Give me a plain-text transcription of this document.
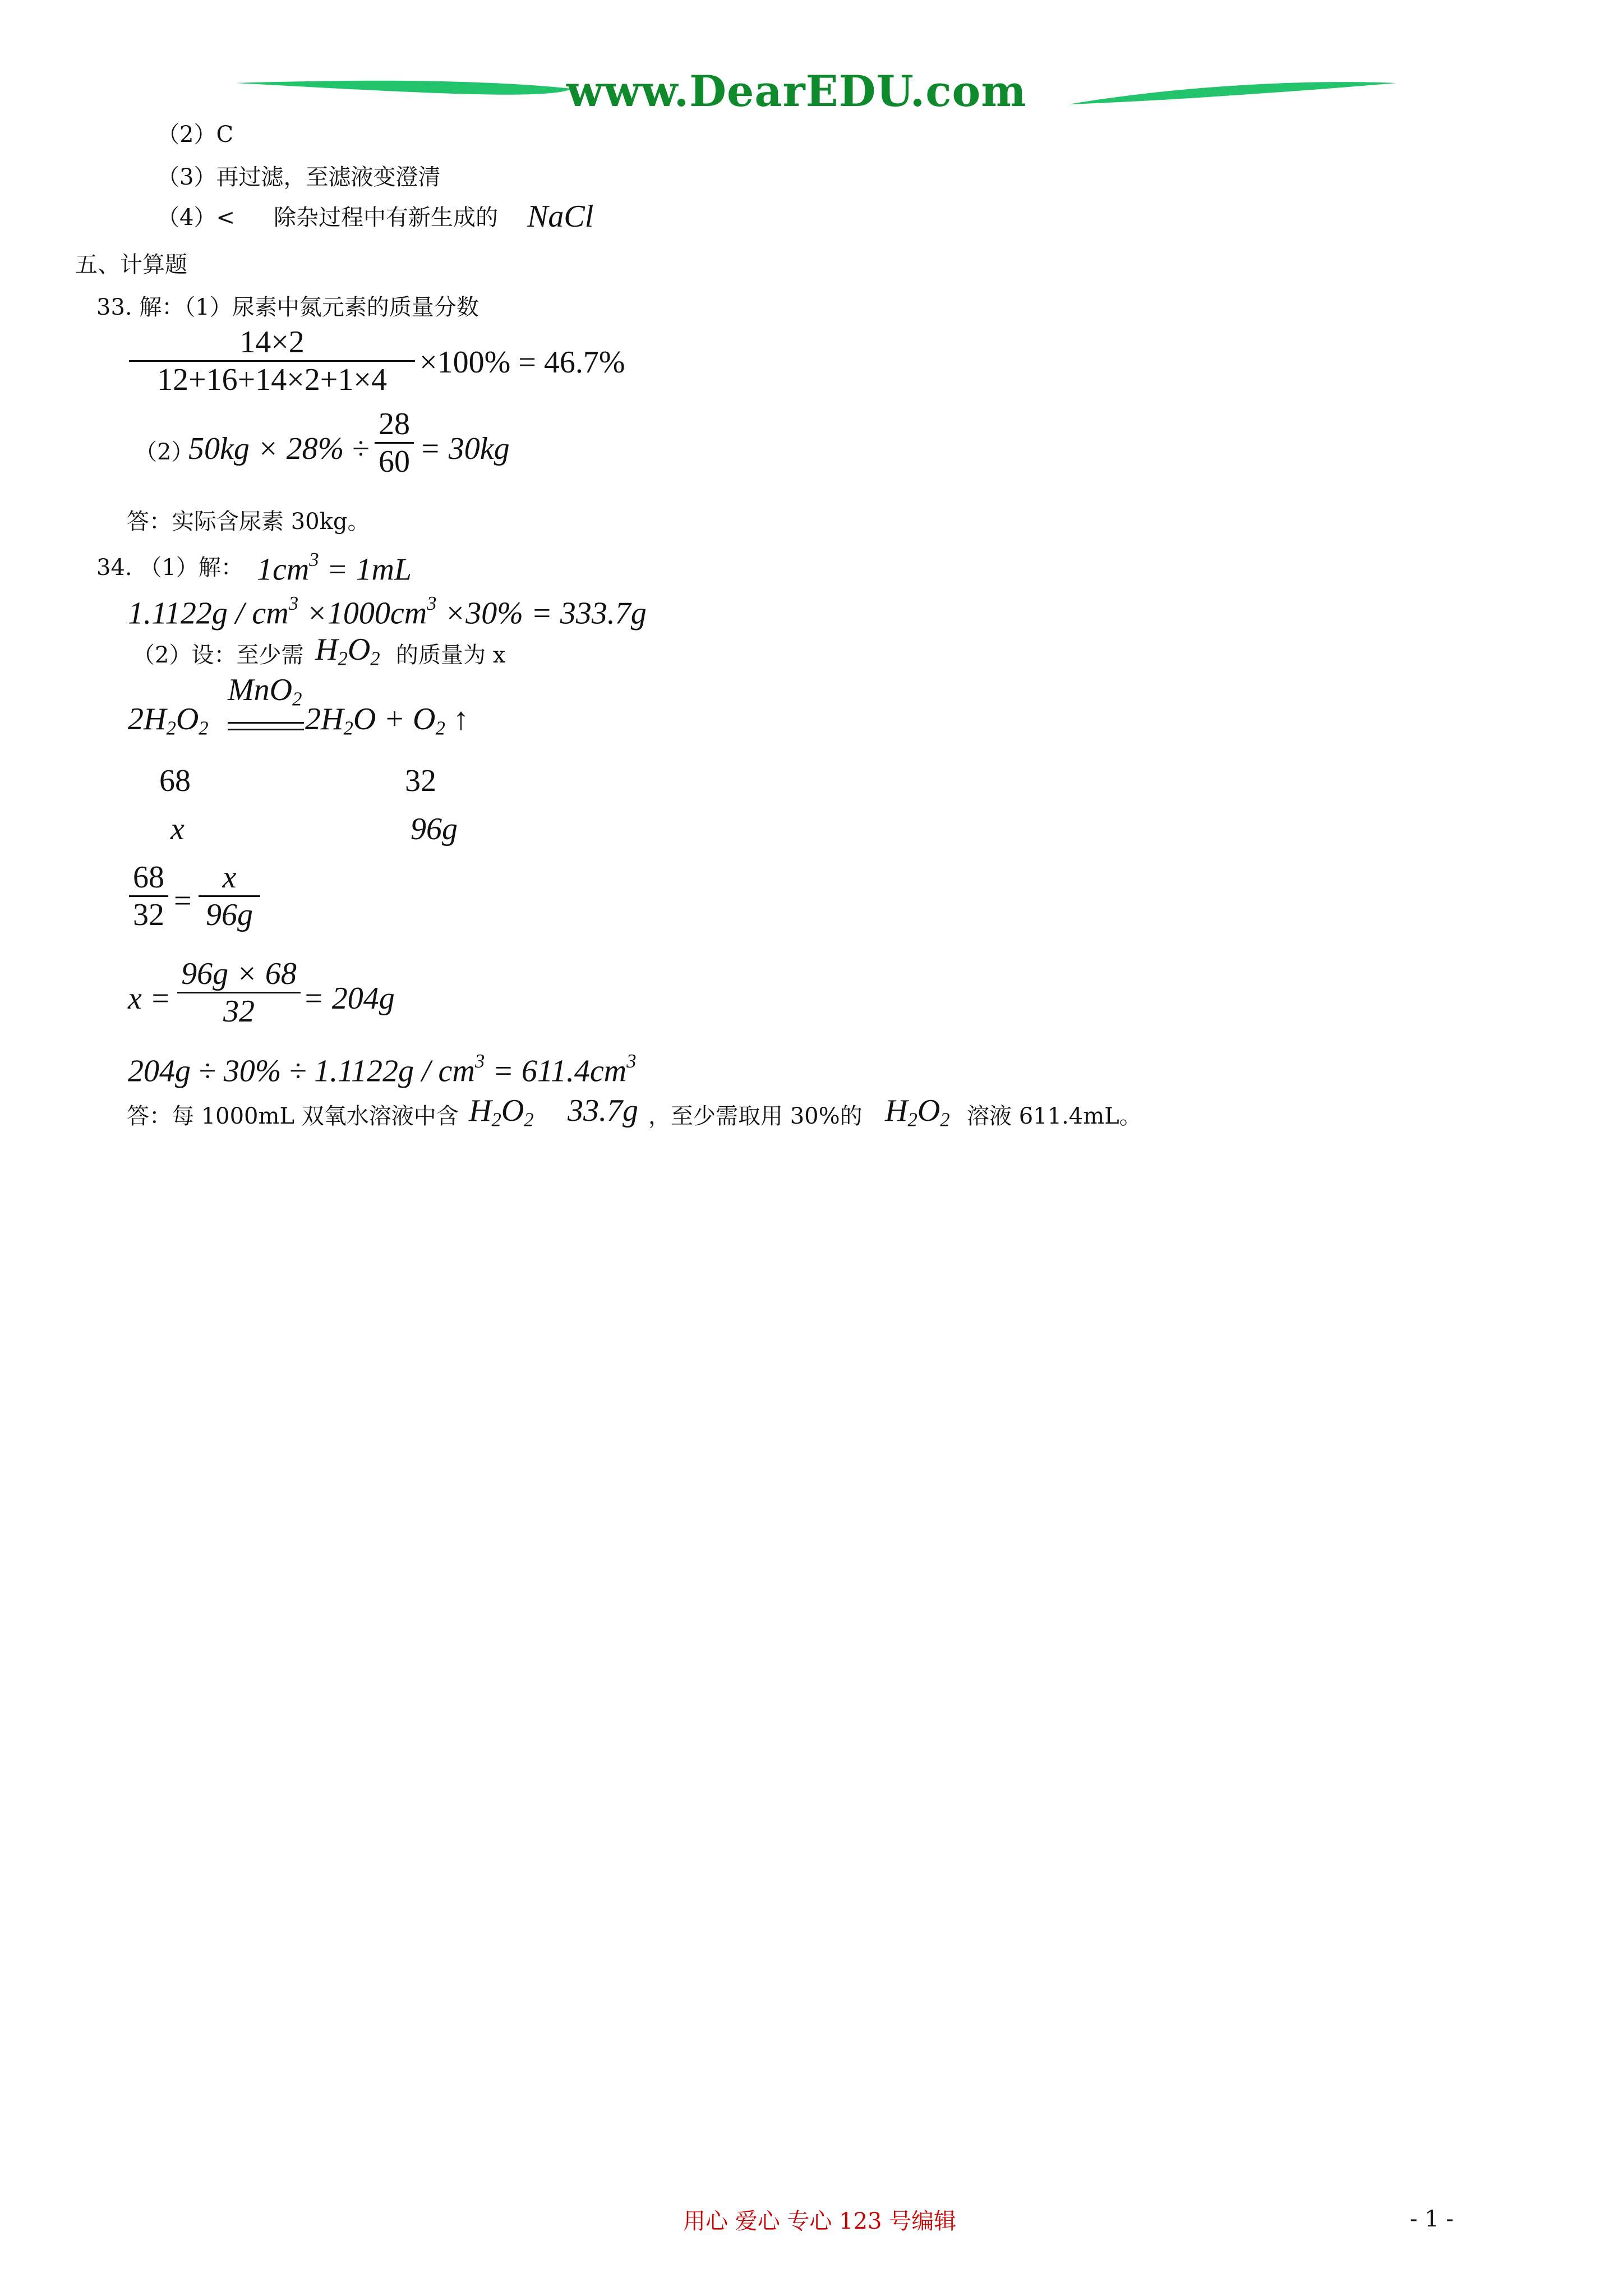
www.DearEDU.com
（2）C
（3）再过滤，至滤液变澄清
（4）< 除杂过程中有新生成的 NaCl
五、计算题
33. 解：（1）尿素中氮元素的质量分数
14×2
12+16+14×2+1×4	×100% = 46.7%
（2）
50kg × 28% ÷
28
60 = 30kg
答：实际含尿素 30kg。
34. （1）解： $1cm^3 = 1mL$
$1.1122g / cm^3 \times 1000cm^3 \times 30\% = 333.7g$
（2）设：至少需 $H_2O_2$ 的质量为 x
MnO$_2$
$2H_2O_2$	$2H_2O + O_2$ ↑
68	32
x	96g
68
32 =
x
96g
x =
96g × 68
32	= 204g
$204g \div 30\% \div 1.1122g / cm^3 = 611.4cm^3$
答：每 1000mL 双氧水溶液中含 $H_2O_2$ 33.7g ，至少需取用 30%的 $H_2O_2$ 溶液 611.4mL。
用心 爱心 专心 123 号编辑	- 1 -
